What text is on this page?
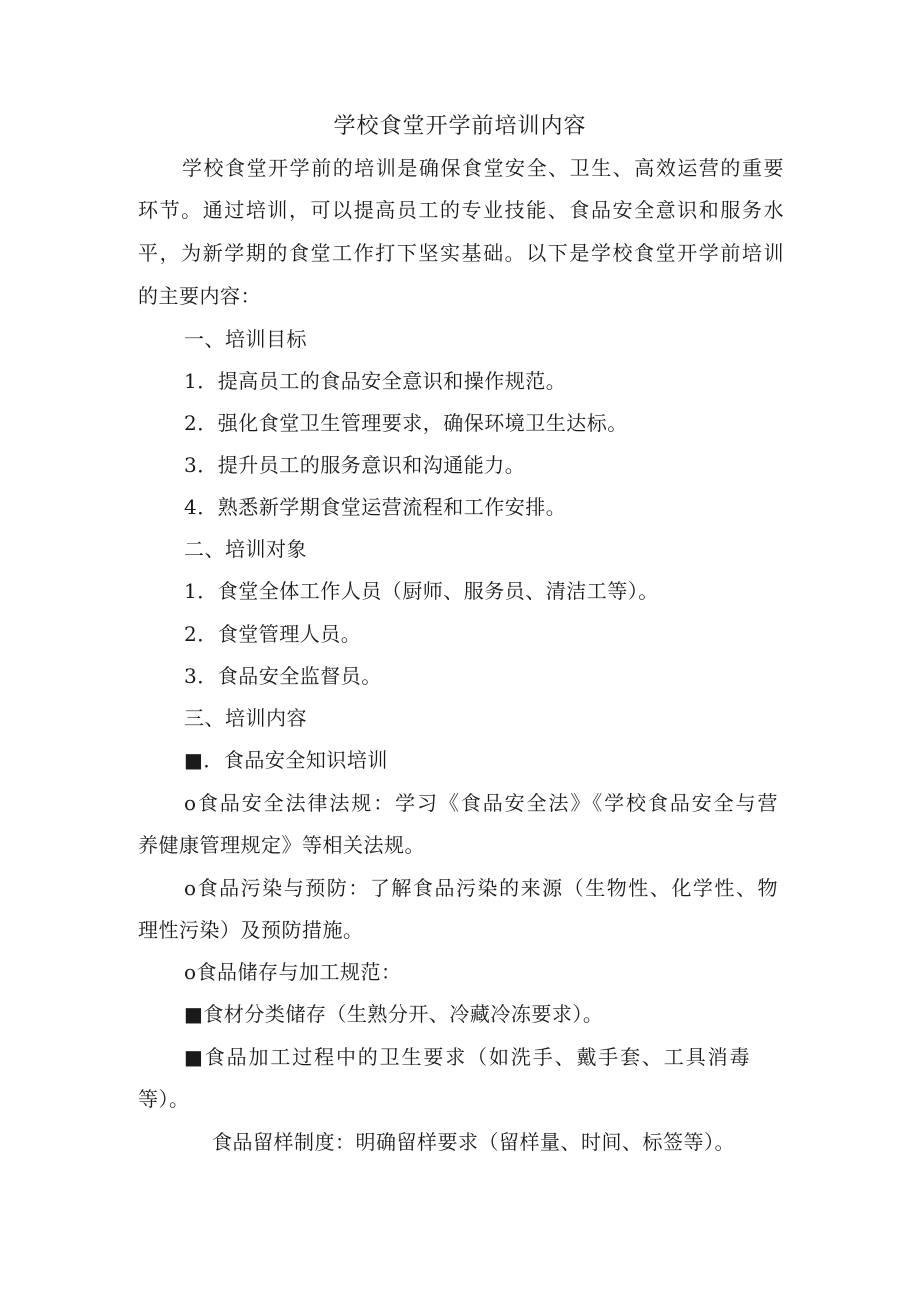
学校食堂开学前培训内容
学校食堂开学前的培训是确保食堂安全、卫生、高效运营的重要
环节。通过培训，可以提高员工的专业技能、食品安全意识和服务水
平，为新学期的食堂工作打下坚实基础。以下是学校食堂开学前培训
的主要内容：
一、培训目标
1．提高员工的食品安全意识和操作规范。
2．强化食堂卫生管理要求，确保环境卫生达标。
3．提升员工的服务意识和沟通能力。
4．熟悉新学期食堂运营流程和工作安排。
二、培训对象
1．食堂全体工作人员（厨师、服务员、清洁工等）。
2．食堂管理人员。
3．食品安全监督员。
三、培训内容
■．食品安全知识培训
o食品安全法律法规：学习《食品安全法》《学校食品安全与营
养健康管理规定》等相关法规。
o食品污染与预防：了解食品污染的来源（生物性、化学性、物
理性污染）及预防措施。
o食品储存与加工规范：
■食材分类储存（生熟分开、冷藏冷冻要求）。
■食品加工过程中的卫生要求（如洗手、戴手套、工具消毒
等）。
食品留样制度：明确留样要求（留样量、时间、标签等）。
